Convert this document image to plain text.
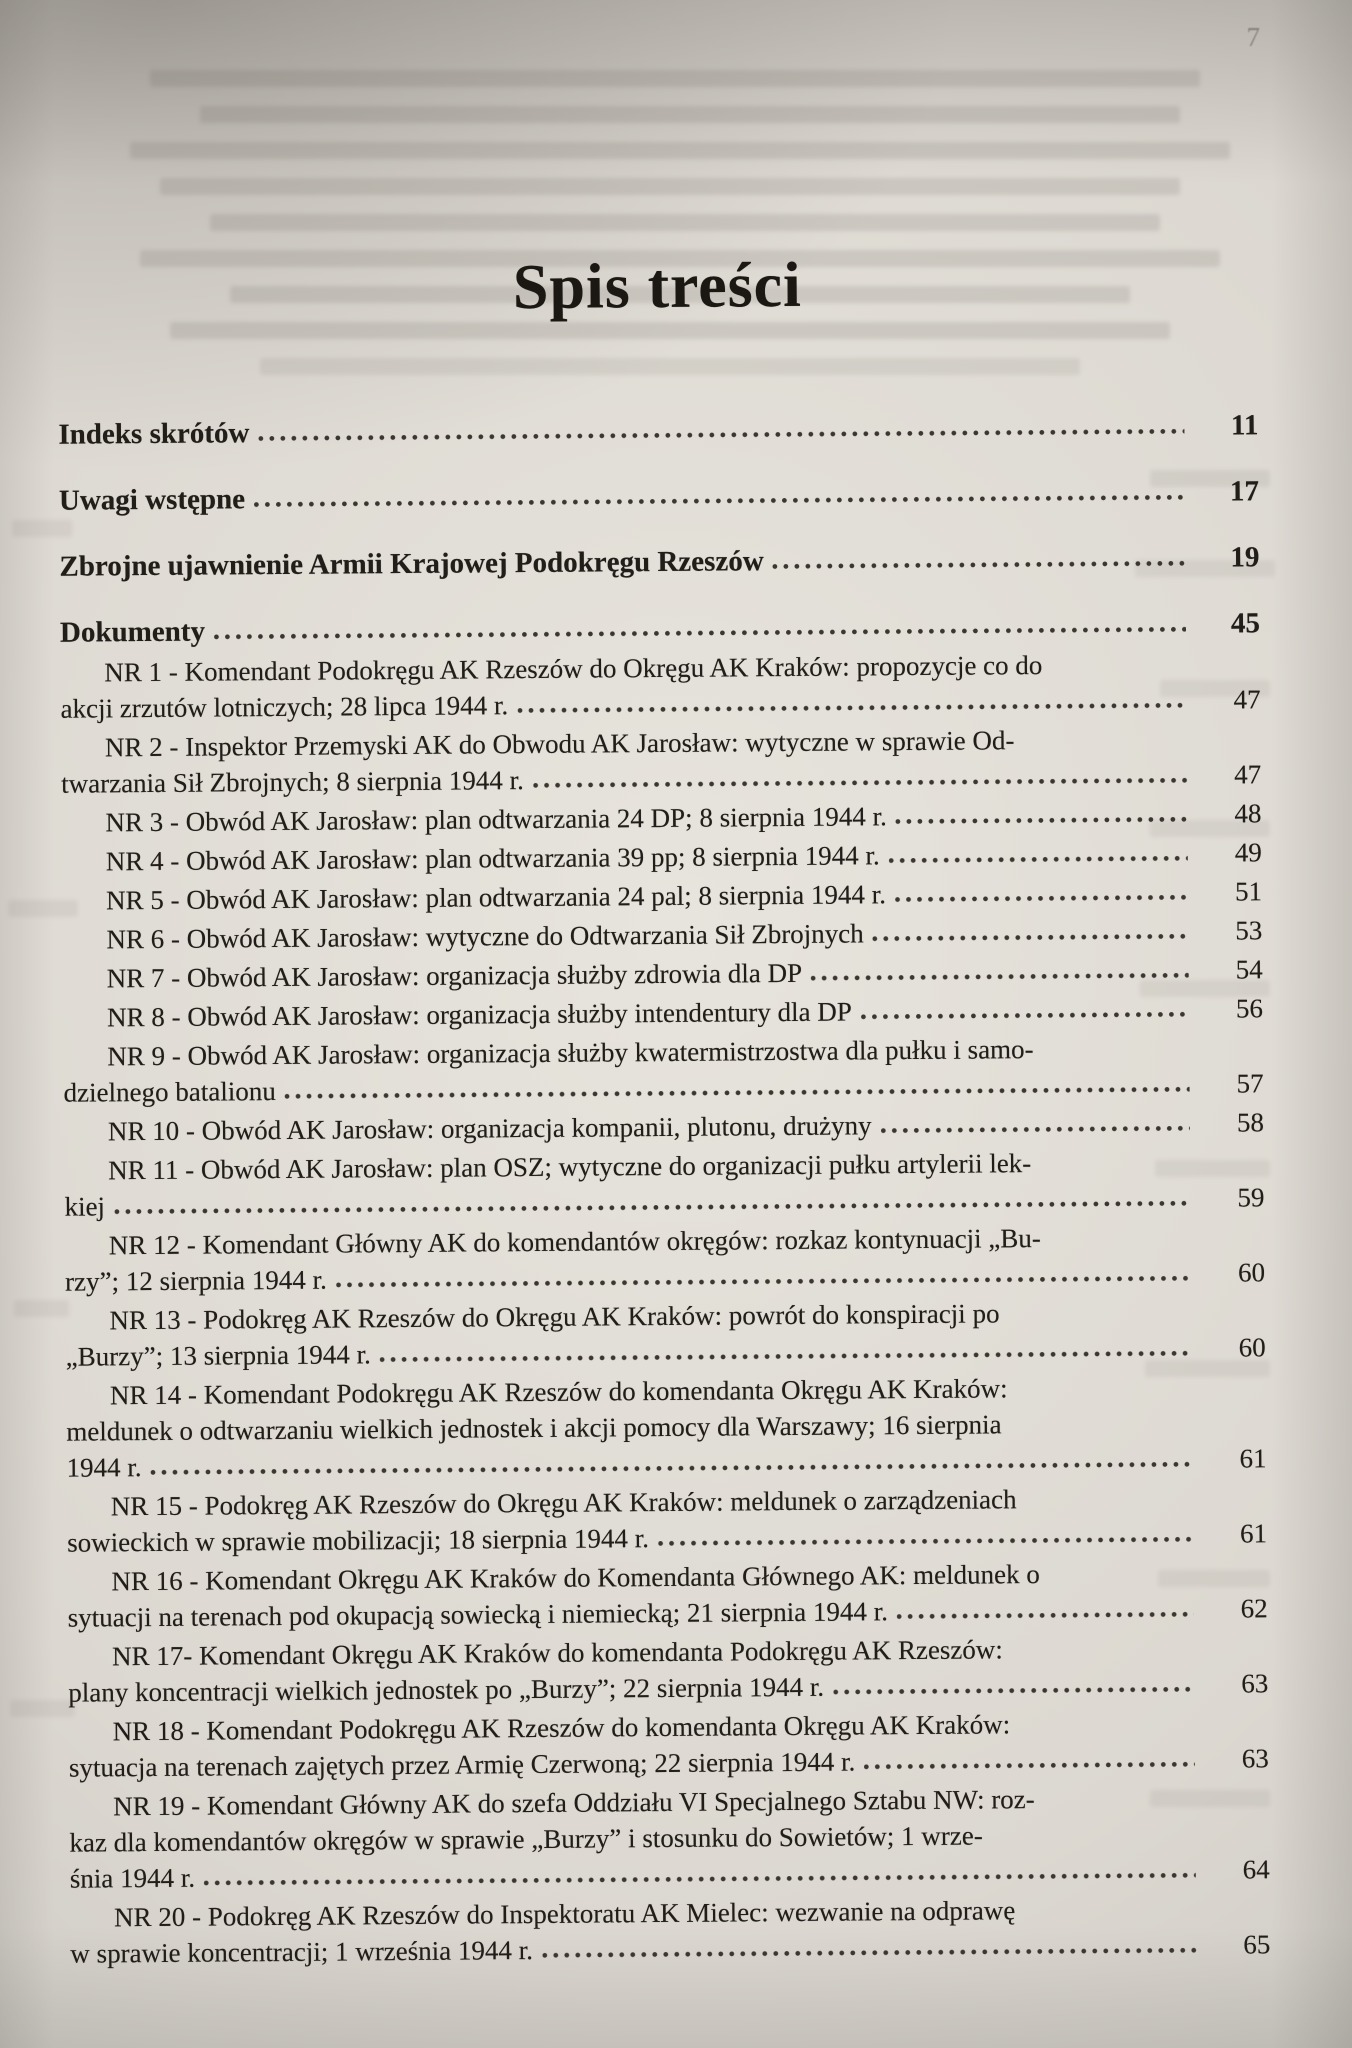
7
Spis treści
Indeks skrótów	11
Uwagi wstępne	17
Zbrojne ujawnienie Armii Krajowej Podokręgu Rzeszów	19
Dokumenty	45
NR 1 - Komendant Podokręgu AK Rzeszów do Okręgu AK Kraków: propozycje co do
akcji zrzutów lotniczych; 28 lipca 1944 r.	47
NR 2 - Inspektor Przemyski AK do Obwodu AK Jarosław: wytyczne w sprawie Od-
twarzania Sił Zbrojnych; 8 sierpnia 1944 r.	47
NR 3 - Obwód AK Jarosław: plan odtwarzania 24 DP; 8 sierpnia 1944 r.	48
NR 4 - Obwód AK Jarosław: plan odtwarzania 39 pp; 8 sierpnia 1944 r.	49
NR 5 - Obwód AK Jarosław: plan odtwarzania 24 pal; 8 sierpnia 1944 r.	51
NR 6 - Obwód AK Jarosław: wytyczne do Odtwarzania Sił Zbrojnych	53
NR 7 - Obwód AK Jarosław: organizacja służby zdrowia dla DP	54
NR 8 - Obwód AK Jarosław: organizacja służby intendentury dla DP	56
NR 9 - Obwód AK Jarosław: organizacja służby kwatermistrzostwa dla pułku i samo-
dzielnego batalionu	57
NR 10 - Obwód AK Jarosław: organizacja kompanii, plutonu, drużyny	58
NR 11 - Obwód AK Jarosław: plan OSZ; wytyczne do organizacji pułku artylerii lek-
kiej	59
NR 12 - Komendant Główny AK do komendantów okręgów: rozkaz kontynuacji „Bu-
rzy”; 12 sierpnia 1944 r.	60
NR 13 - Podokręg AK Rzeszów do Okręgu AK Kraków: powrót do konspiracji po
„Burzy”; 13 sierpnia 1944 r.	60
NR 14 - Komendant Podokręgu AK Rzeszów do komendanta Okręgu AK Kraków:
meldunek o odtwarzaniu wielkich jednostek i akcji pomocy dla Warszawy; 16 sierpnia
1944 r.	61
NR 15 - Podokręg AK Rzeszów do Okręgu AK Kraków: meldunek o zarządzeniach
sowieckich w sprawie mobilizacji; 18 sierpnia 1944 r.	61
NR 16 - Komendant Okręgu AK Kraków do Komendanta Głównego AK: meldunek o
sytuacji na terenach pod okupacją sowiecką i niemiecką; 21 sierpnia 1944 r.	62
NR 17- Komendant Okręgu AK Kraków do komendanta Podokręgu AK Rzeszów:
plany koncentracji wielkich jednostek po „Burzy”; 22 sierpnia 1944 r.	63
NR 18 - Komendant Podokręgu AK Rzeszów do komendanta Okręgu AK Kraków:
sytuacja na terenach zajętych przez Armię Czerwoną; 22 sierpnia 1944 r.	63
NR 19 - Komendant Główny AK do szefa Oddziału VI Specjalnego Sztabu NW: roz-
kaz dla komendantów okręgów w sprawie „Burzy” i stosunku do Sowietów; 1 wrze-
śnia 1944 r.	64
NR 20 - Podokręg AK Rzeszów do Inspektoratu AK Mielec: wezwanie na odprawę
w sprawie koncentracji; 1 września 1944 r.	65
